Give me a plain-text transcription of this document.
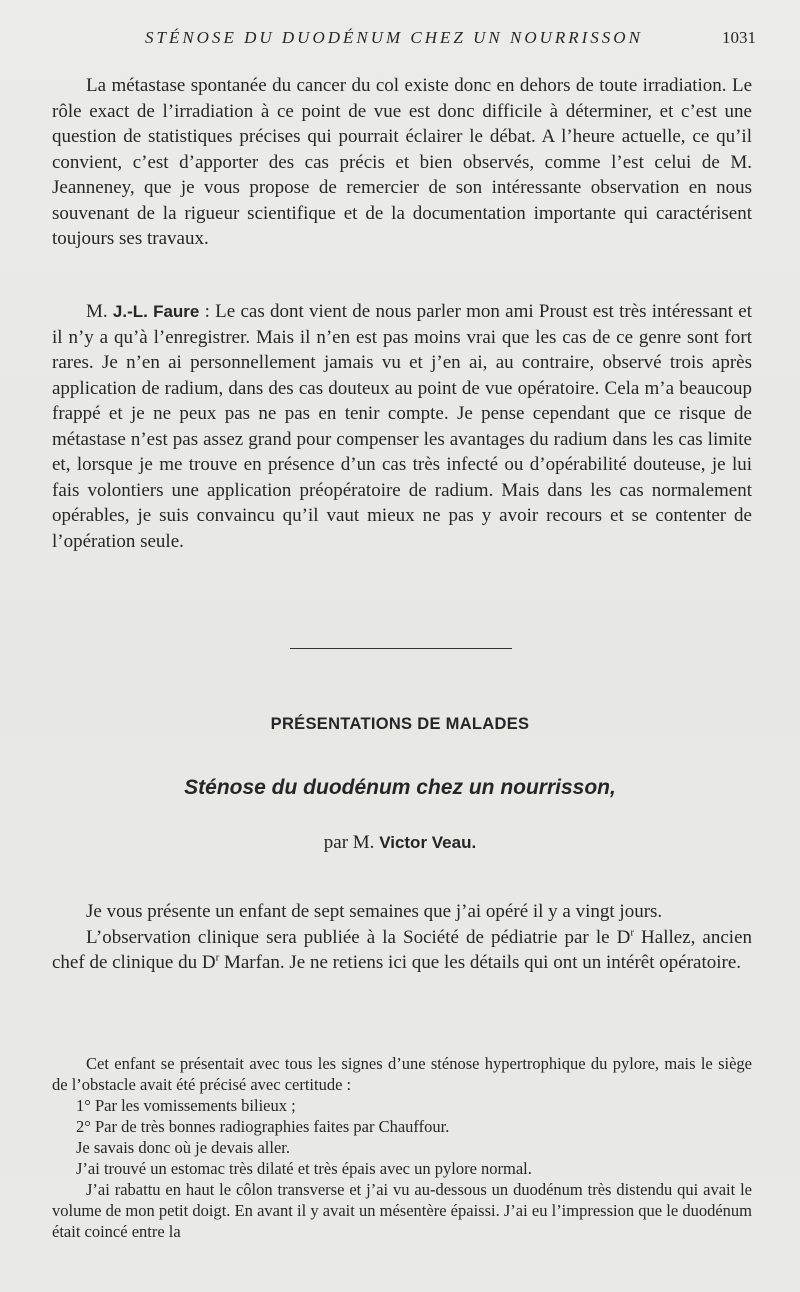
STÉNOSE DU DUODÉNUM CHEZ UN NOURRISSON	1031

La métastase spontanée du cancer du col existe donc en dehors de toute irradiation. Le rôle exact de l’irradiation à ce point de vue est donc difficile à déterminer, et c’est une question de statistiques précises qui pourrait éclairer le débat. A l’heure actuelle, ce qu’il convient, c’est d’apporter des cas précis et bien observés, comme l’est celui de M. Jeanneney, que je vous propose de remercier de son intéressante observation en nous souvenant de la rigueur scientifique et de la documentation importante qui caractérisent toujours ses travaux.

M. J.-L. Faure : Le cas dont vient de nous parler mon ami Proust est très intéressant et il n’y a qu’à l’enregistrer. Mais il n’en est pas moins vrai que les cas de ce genre sont fort rares. Je n’en ai personnellement jamais vu et j’en ai, au contraire, observé trois après application de radium, dans des cas douteux au point de vue opératoire. Cela m’a beaucoup frappé et je ne peux pas ne pas en tenir compte. Je pense cependant que ce risque de métastase n’est pas assez grand pour compenser les avantages du radium dans les cas limite et, lorsque je me trouve en présence d’un cas très infecté ou d’opérabilité douteuse, je lui fais volontiers une application préopératoire de radium. Mais dans les cas normalement opérables, je suis convaincu qu’il vaut mieux ne pas y avoir recours et se contenter de l’opération seule.

PRÉSENTATIONS DE MALADES
Sténose du duodénum chez un nourrisson,
par M. Victor Veau.

Je vous présente un enfant de sept semaines que j’ai opéré il y a vingt jours.

L’observation clinique sera publiée à la Société de pédiatrie par le $D^r$ Hallez, ancien chef de clinique du $D^r$ Marfan. Je ne retiens ici que les détails qui ont un intérêt opératoire.

Cet enfant se présentait avec tous les signes d’une sténose hypertrophique du pylore, mais le siège de l’obstacle avait été précisé avec certitude :

1° Par les vomissements bilieux ;

2° Par de très bonnes radiographies faites par Chauffour.

Je savais donc où je devais aller.

J’ai trouvé un estomac très dilaté et très épais avec un pylore normal.

J’ai rabattu en haut le côlon transverse et j’ai vu au-dessous un duodénum très distendu qui avait le volume de mon petit doigt. En avant il y avait un mésentère épaissi. J’ai eu l’impression que le duodénum était coincé entre la
